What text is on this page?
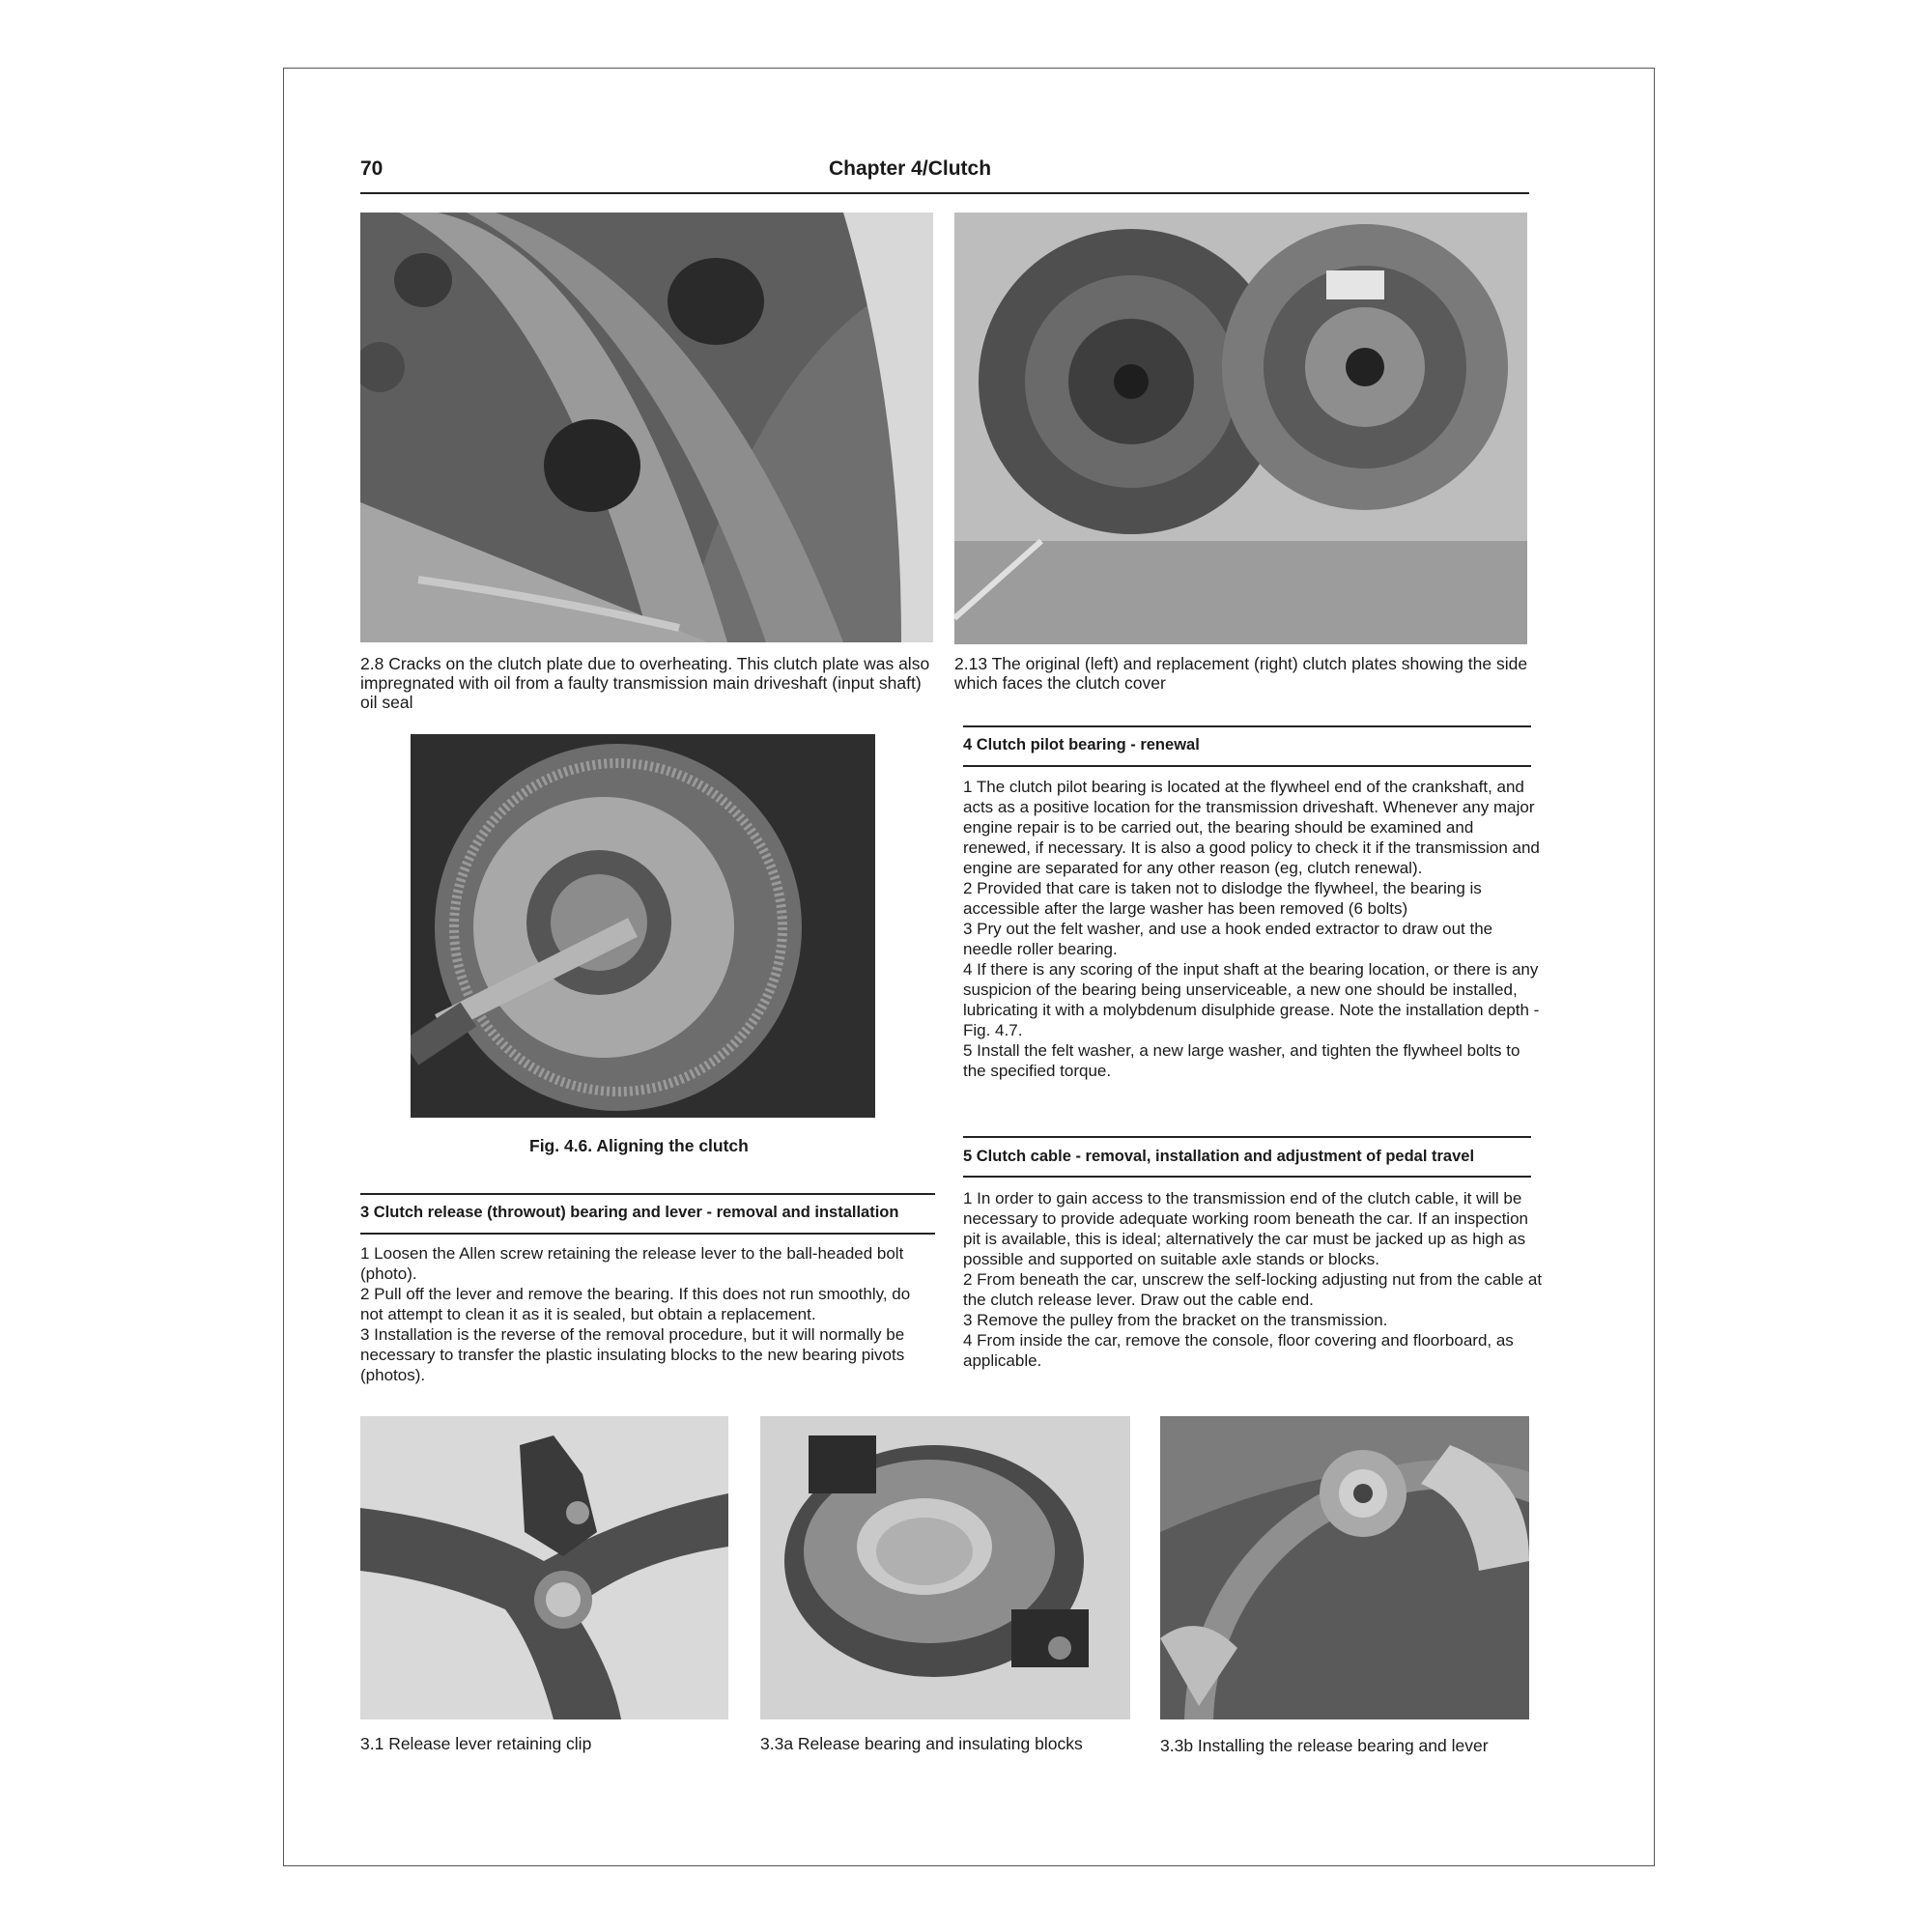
70	Chapter 4/Clutch
2.8 Cracks on the clutch plate due to overheating. This clutch plate was also impregnated with oil from a faulty transmission main driveshaft (input shaft) oil seal
2.13 The original (left) and replacement (right) clutch plates showing the side which faces the clutch cover
Fig. 4.6. Aligning the clutch
4 Clutch pilot bearing - renewal

1 The clutch pilot bearing is located at the flywheel end of the crankshaft, and acts as a positive location for the transmission driveshaft. Whenever any major engine repair is to be carried out, the bearing should be examined and renewed, if necessary. It is also a good policy to check it if the transmission and engine are separated for any other reason (eg, clutch renewal).

2 Provided that care is taken not to dislodge the flywheel, the bearing is accessible after the large washer has been removed (6 bolts)

3 Pry out the felt washer, and use a hook ended extractor to draw out the needle roller bearing.

4 If there is any scoring of the input shaft at the bearing location, or there is any suspicion of the bearing being unserviceable, a new one should be installed, lubricating it with a molybdenum disulphide grease. Note the installation depth - Fig. 4.7.

5 Install the felt washer, a new large washer, and tighten the flywheel bolts to the specified torque.

5 Clutch cable - removal, installation and adjustment of pedal travel

1 In order to gain access to the transmission end of the clutch cable, it will be necessary to provide adequate working room beneath the car. If an inspection pit is available, this is ideal; alternatively the car must be jacked up as high as possible and supported on suitable axle stands or blocks.

2 From beneath the car, unscrew the self-locking adjusting nut from the cable at the clutch release lever. Draw out the cable end.

3 Remove the pulley from the bracket on the transmission.

4 From inside the car, remove the console, floor covering and floorboard, as applicable.

3 Clutch release (throwout) bearing and lever - removal and installation

1 Loosen the Allen screw retaining the release lever to the ball-headed bolt (photo).

2 Pull off the lever and remove the bearing. If this does not run smoothly, do not attempt to clean it as it is sealed, but obtain a replacement.

3 Installation is the reverse of the removal procedure, but it will normally be necessary to transfer the plastic insulating blocks to the new bearing pivots (photos).

3.1 Release lever retaining clip	3.3a Release bearing and insulating blocks	3.3b Installing the release bearing and lever
